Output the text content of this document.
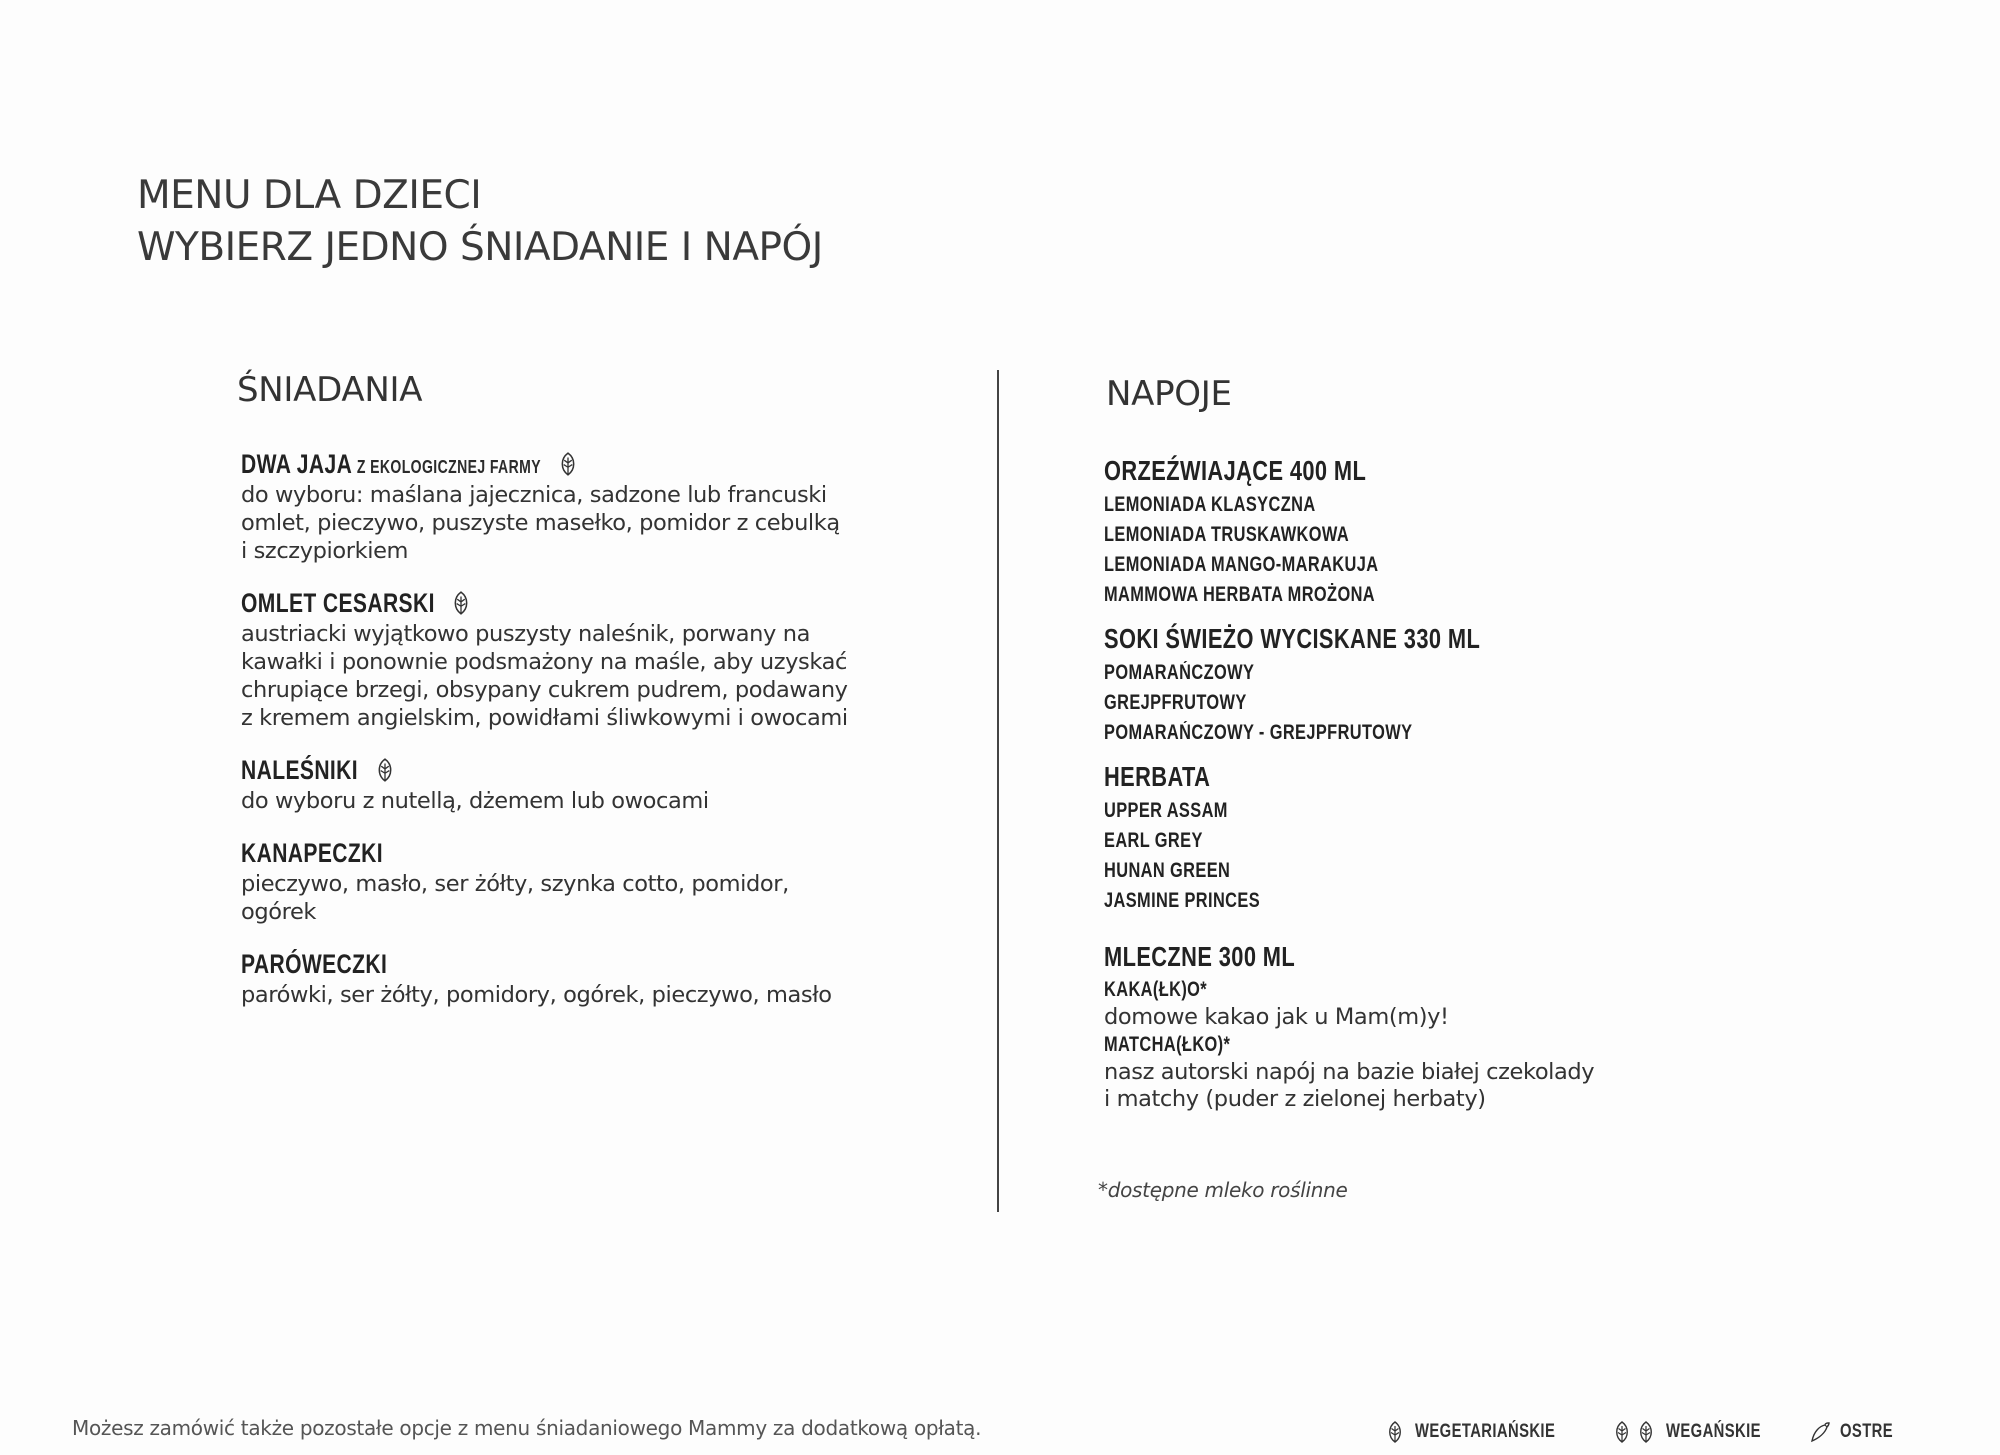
MENU DLA DZIECI
WYBIERZ JEDNO ŚNIADANIE I NAPÓJ
ŚNIADANIA	NAPOJE
DWA JAJA Z EKOLOGICZNEJ FARMY
do wyboru: maślana jajecznica, sadzone lub francuski
omlet, pieczywo, puszyste masełko, pomidor z cebulką
i szczypiorkiem
OMLET CESARSKI
austriacki wyjątkowo puszysty naleśnik, porwany na
kawałki i ponownie podsmażony na maśle, aby uzyskać
chrupiące brzegi, obsypany cukrem pudrem, podawany
z kremem angielskim, powidłami śliwkowymi i owocami
NALEŚNIKI
do wyboru z nutellą, dżemem lub owocami
KANAPECZKI
pieczywo, masło, ser żółty, szynka cotto, pomidor,
ogórek
PARÓWECZKI
parówki, ser żółty, pomidory, ogórek, pieczywo, masło
ORZEŹWIAJĄCE 400 ML
LEMONIADA KLASYCZNA
LEMONIADA TRUSKAWKOWA
LEMONIADA MANGO-MARAKUJA
MAMMOWA HERBATA MROŻONA
SOKI ŚWIEŻO WYCISKANE 330 ML
POMARAŃCZOWY
GREJPFRUTOWY
POMARAŃCZOWY - GREJPFRUTOWY
HERBATA
UPPER ASSAM
EARL GREY
HUNAN GREEN
JASMINE PRINCES
MLECZNE 300 ML
KAKA(ŁK)O*
domowe kakao jak u Mam(m)y!
MATCHA(ŁKO)*
nasz autorski napój na bazie białej czekolady
i matchy (puder z zielonej herbaty)
*dostępne mleko roślinne
Możesz zamówić także pozostałe opcje z menu śniadaniowego Mammy za dodatkową opłatą.	WEGETARIAŃSKIE	WEGAŃSKIE	OSTRE
